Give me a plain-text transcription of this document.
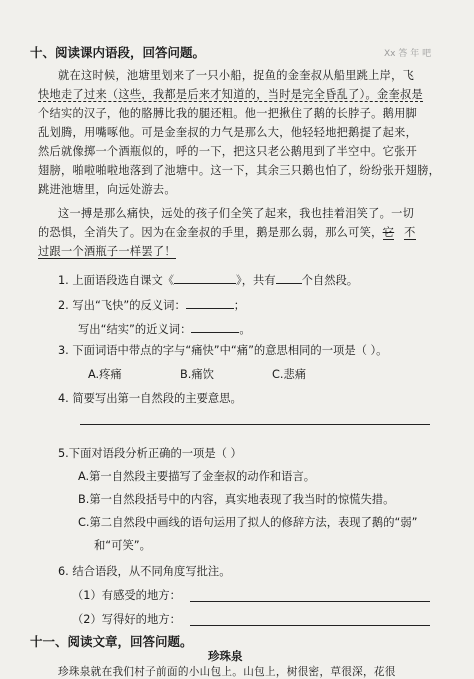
Xx 答 年 吧
十、阅读课内语段，回答问题。
就在这时候，池塘里划来了一只小船，捉鱼的金奎叔从船里跳上岸，飞
快地走了过来（这些，我都是后来才知道的，当时是完全昏乱了）。金奎叔是
个结实的汉子，他的胳膊比我的腿还粗。他一把揪住了鹅的长脖子。鹅用脚
乱划腾，用嘴啄他。可是金奎叔的力气是那么大，他轻轻地把鹅提了起来，
然后就像掷一个酒瓶似的，呼的一下，把这只老公鹅甩到了半空中。它张开
翅膀，啪啦啪啦地落到了池塘中。这一下，其余三只鹅也怕了，纷纷张开翅膀，
跳进池塘里，向远处游去。
这一搏是那么痛快，远处的孩子们全笑了起来，我也挂着泪笑了。一切
的恐惧，全消失了。因为在金奎叔的手里，鹅是那么弱，那么可笑，它 不
过跟一个酒瓶子一样罢了！
1. 上面语段选自课文《	》，共有 个自然段。
2. 写出“飞快”的反义词：	；
写出“结实”的近义词：	。
3. 下面词语中带点的字与“痛快”中“痛”的意思相同的一项是（ ）。
A.疼痛	B.痛饮	C.悲痛
4. 简要写出第一自然段的主要意思。
5.下面对语段分析正确的一项是（ ）
A.第一自然段主要描写了金奎叔的动作和语言。
B.第一自然段括号中的内容，真实地表现了我当时的惊慌失措。
C.第二自然段中画线的语句运用了拟人的修辞方法，表现了鹅的“弱”
和“可笑”。
6. 结合语段，从不同角度写批注。
（1）有感受的地方：
（2）写得好的地方：
十一、阅读文章，回答问题。
珍珠泉
珍珠泉就在我们村子前面的小山包上。山包上，树很密，草很深，花很
